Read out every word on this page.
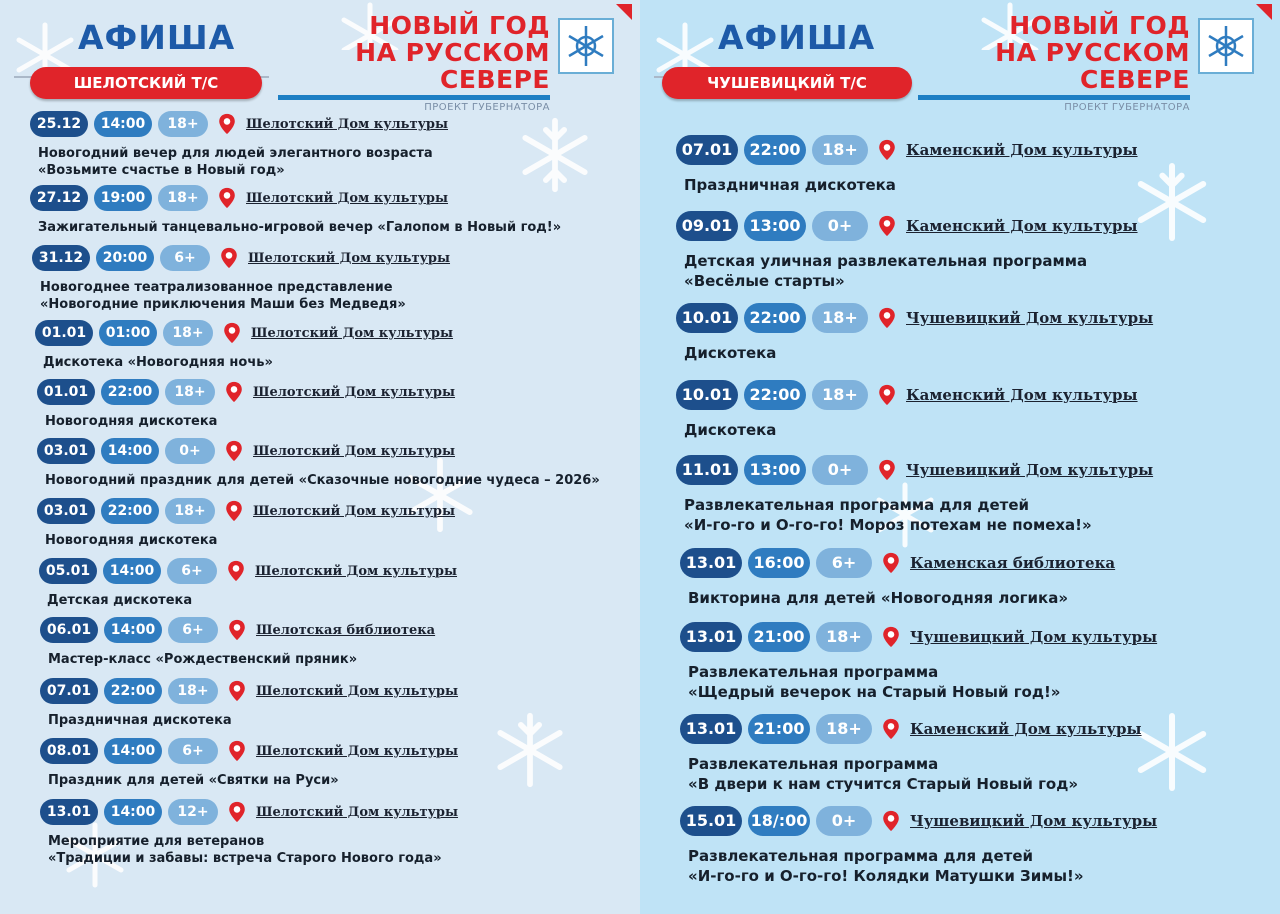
АФИША
ШЕЛОТСКИЙ Т/С
НОВЫЙ ГОД
НА РУССКОМ СЕВЕРЕ
ПРОЕКТ ГУБЕРНАТОРА
25.12	14:00	18+	Шелотский Дом культуры
Новогодний вечер для людей элегантного возраста
«Возьмите счастье в Новый год»
27.12	19:00	18+	Шелотский Дом культуры
Зажигательный танцевально-игровой вечер «Галопом в Новый год!»
31.12	20:00	6+	Шелотский Дом культуры
Новогоднее театрализованное представление
«Новогодние приключения Маши без Медведя»
01.01	01:00	18+	Шелотский Дом культуры
Дискотека «Новогодняя ночь»
01.01	22:00	18+	Шелотский Дом культуры
Новогодняя дискотека
03.01	14:00	0+	Шелотский Дом культуры
Новогодний праздник для детей «Сказочные новогодние чудеса – 2026»
03.01	22:00	18+	Шелотский Дом культуры
Новогодняя дискотека
05.01	14:00	6+	Шелотский Дом культуры
Детская дискотека
06.01	14:00	6+	Шелотская библиотека
Мастер-класс «Рождественский пряник»
07.01	22:00	18+	Шелотский Дом культуры
Праздничная дискотека
08.01	14:00	6+	Шелотский Дом культуры
Праздник для детей «Святки на Руси»
13.01	14:00	12+	Шелотский Дом культуры
Мероприятие для ветеранов
«Традиции и забавы: встреча Старого Нового года»
АФИША
ЧУШЕВИЦКИЙ Т/С
НОВЫЙ ГОД
НА РУССКОМ СЕВЕРЕ
ПРОЕКТ ГУБЕРНАТОРА
07.01	22:00	18+	Каменский Дом культуры
Праздничная дискотека
09.01	13:00	0+	Каменский Дом культуры
Детская уличная развлекательная программа
«Весёлые старты»
10.01	22:00	18+	Чушевицкий Дом культуры
Дискотека
10.01	22:00	18+	Каменский Дом культуры
Дискотека
11.01	13:00	0+	Чушевицкий Дом культуры
Развлекательная программа для детей
«И-го-го и О-го-го! Мороз потехам не помеха!»
13.01	16:00	6+	Каменская библиотека
Викторина для детей «Новогодняя логика»
13.01	21:00	18+	Чушевицкий Дом культуры
Развлекательная программа
«Щедрый вечерок на Старый Новый год!»
13.01	21:00	18+	Каменский Дом культуры
Развлекательная программа
«В двери к нам стучится Старый Новый год»
15.01 18/:00	0+	Чушевицкий Дом культуры
Развлекательная программа для детей
«И-го-го и О-го-го! Колядки Матушки Зимы!»
